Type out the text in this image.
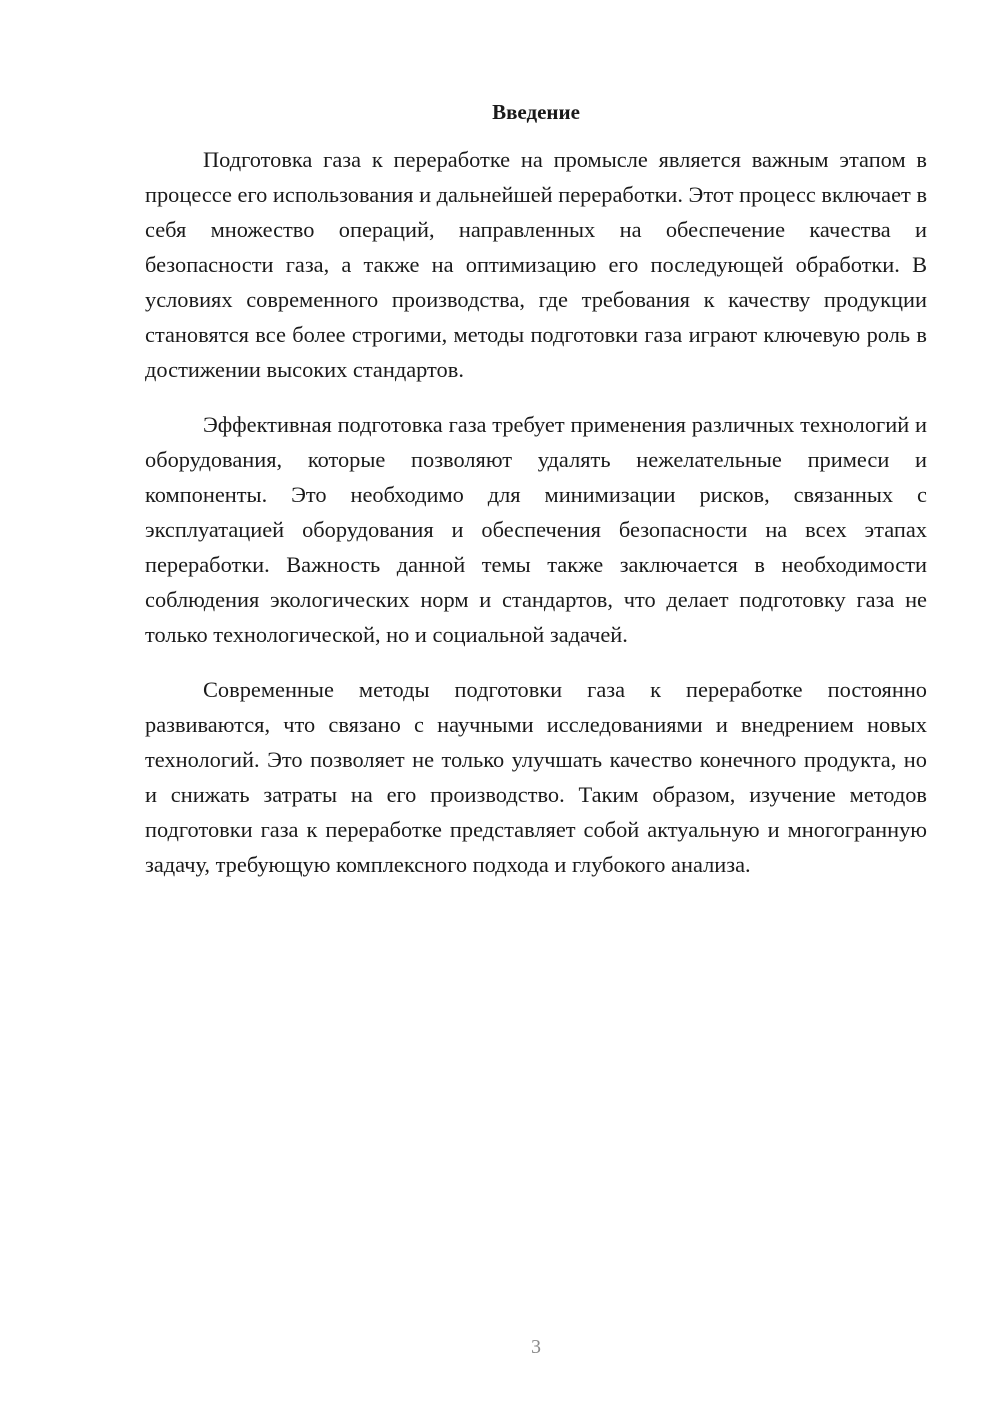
Введение

Подготовка газа к переработке на промысле является важным этапом в процессе его использования и дальнейшей переработки. Этот процесс включает в себя множество операций, направленных на обеспечение качества и безопасности газа, а также на оптимизацию его последующей обработки. В условиях современного производства, где требования к качеству продукции становятся все более строгими, методы подготовки газа играют ключевую роль в достижении высоких стандартов.

Эффективная подготовка газа требует применения различных технологий и оборудования, которые позволяют удалять нежелательные примеси и компоненты. Это необходимо для минимизации рисков, связанных с эксплуатацией оборудования и обеспечения безопасности на всех этапах переработки. Важность данной темы также заключается в необходимости соблюдения экологических норм и стандартов, что делает подготовку газа не только технологической, но и социальной задачей.

Современные методы подготовки газа к переработке постоянно развиваются, что связано с научными исследованиями и внедрением новых технологий. Это позволяет не только улучшать качество конечного продукта, но и снижать затраты на его производство. Таким образом, изучение методов подготовки газа к переработке представляет собой актуальную и многогранную задачу, требующую комплексного подхода и глубокого анализа.

3
